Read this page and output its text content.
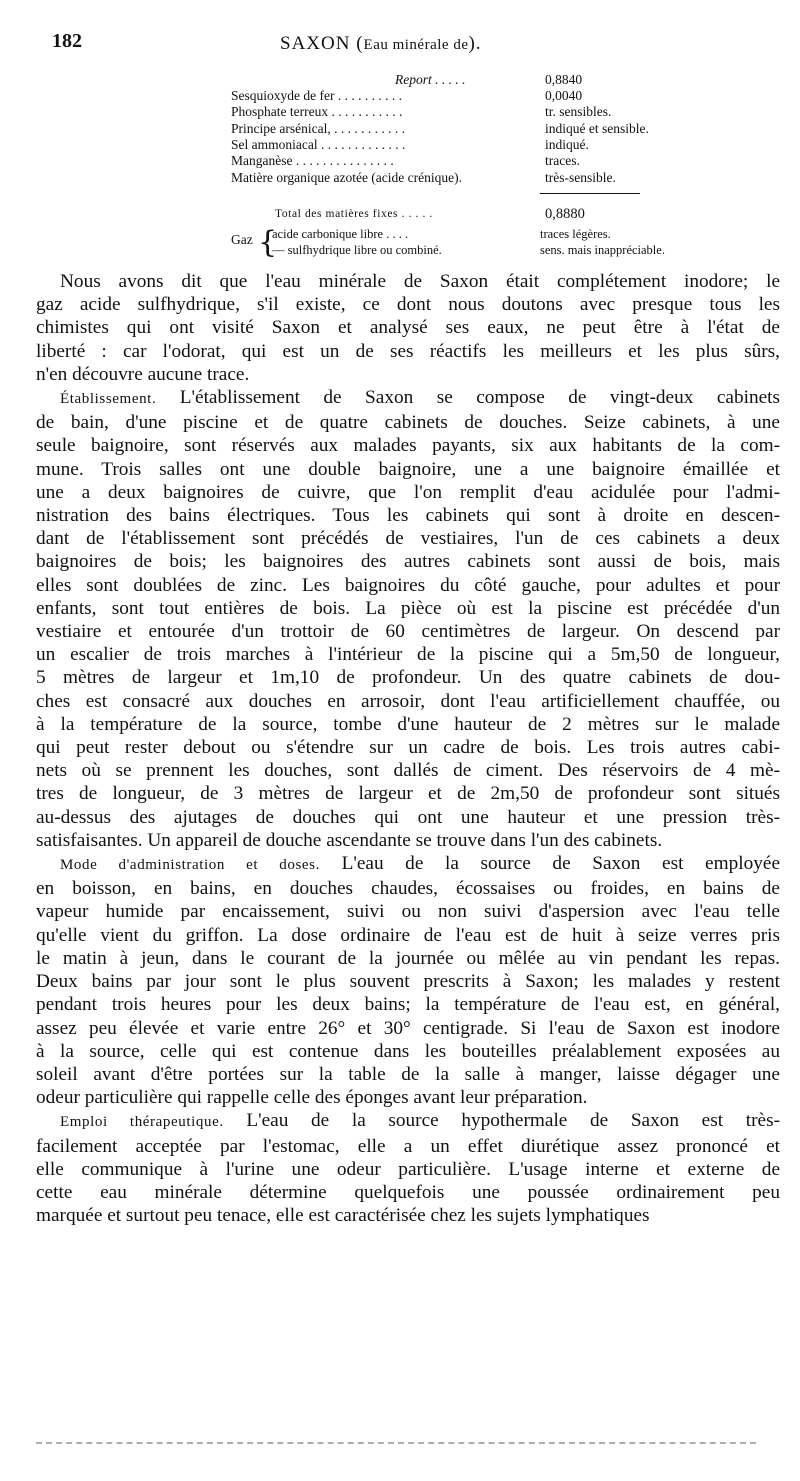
182	SAXON (Eau minérale de).
Report . . . . .	0,8840
Sesquioxyde de fer . . . . . . . . . .	0,0040
Phosphate terreux . . . . . . . . . . .	tr. sensibles.
Principe arsénical, . . . . . . . . . . .	indiqué et sensible.
Sel ammoniacal . . . . . . . . . . . . .	indiqué.
Manganèse . . . . . . . . . . . . . . .	traces.
Matière organique azotée (acide crénique).	très-sensible.
Total des matières fixes . . . . .	0,8880
Gaz {
acide carbonique libre . . . .	traces légères.
— sulfhydrique libre ou combiné.	sens. mais inappréciable.
Nous avons dit que l'eau minérale de Saxon était complétement inodore; le
gaz acide sulfhydrique, s'il existe, ce dont nous doutons avec presque tous les
chimistes qui ont visité Saxon et analysé ses eaux, ne peut être à l'état de
liberté : car l'odorat, qui est un de ses réactifs les meilleurs et les plus sûrs,
n'en découvre aucune trace.
Établissement. L'établissement de Saxon se compose de vingt-deux cabinets
de bain, d'une piscine et de quatre cabinets de douches. Seize cabinets, à une
seule baignoire, sont réservés aux malades payants, six aux habitants de la com-
mune. Trois salles ont une double baignoire, une a une baignoire émaillée et
une a deux baignoires de cuivre, que l'on remplit d'eau acidulée pour l'admi-
nistration des bains électriques. Tous les cabinets qui sont à droite en descen-
dant de l'établissement sont précédés de vestiaires, l'un de ces cabinets a deux
baignoires de bois; les baignoires des autres cabinets sont aussi de bois, mais
elles sont doublées de zinc. Les baignoires du côté gauche, pour adultes et pour
enfants, sont tout entières de bois. La pièce où est la piscine est précédée d'un
vestiaire et entourée d'un trottoir de 60 centimètres de largeur. On descend par
un escalier de trois marches à l'intérieur de la piscine qui a 5m,50 de longueur,
5 mètres de largeur et 1m,10 de profondeur. Un des quatre cabinets de dou-
ches est consacré aux douches en arrosoir, dont l'eau artificiellement chauffée, ou
à la température de la source, tombe d'une hauteur de 2 mètres sur le malade
qui peut rester debout ou s'étendre sur un cadre de bois. Les trois autres cabi-
nets où se prennent les douches, sont dallés de ciment. Des réservoirs de 4 mè-
tres de longueur, de 3 mètres de largeur et de 2m,50 de profondeur sont situés
au-dessus des ajutages de douches qui ont une hauteur et une pression très-
satisfaisantes. Un appareil de douche ascendante se trouve dans l'un des cabinets.
Mode d'administration et doses. L'eau de la source de Saxon est employée
en boisson, en bains, en douches chaudes, écossaises ou froides, en bains de
vapeur humide par encaissement, suivi ou non suivi d'aspersion avec l'eau telle
qu'elle vient du griffon. La dose ordinaire de l'eau est de huit à seize verres pris
le matin à jeun, dans le courant de la journée ou mêlée au vin pendant les repas.
Deux bains par jour sont le plus souvent prescrits à Saxon; les malades y restent
pendant trois heures pour les deux bains; la température de l'eau est, en général,
assez peu élevée et varie entre 26° et 30° centigrade. Si l'eau de Saxon est inodore
à la source, celle qui est contenue dans les bouteilles préalablement exposées au
soleil avant d'être portées sur la table de la salle à manger, laisse dégager une
odeur particulière qui rappelle celle des éponges avant leur préparation.
Emploi thérapeutique. L'eau de la source hypothermale de Saxon est très-
facilement acceptée par l'estomac, elle a un effet diurétique assez prononcé et
elle communique à l'urine une odeur particulière. L'usage interne et externe de
cette eau minérale détermine quelquefois une poussée ordinairement peu
marquée et surtout peu tenace, elle est caractérisée chez les sujets lymphatiques
